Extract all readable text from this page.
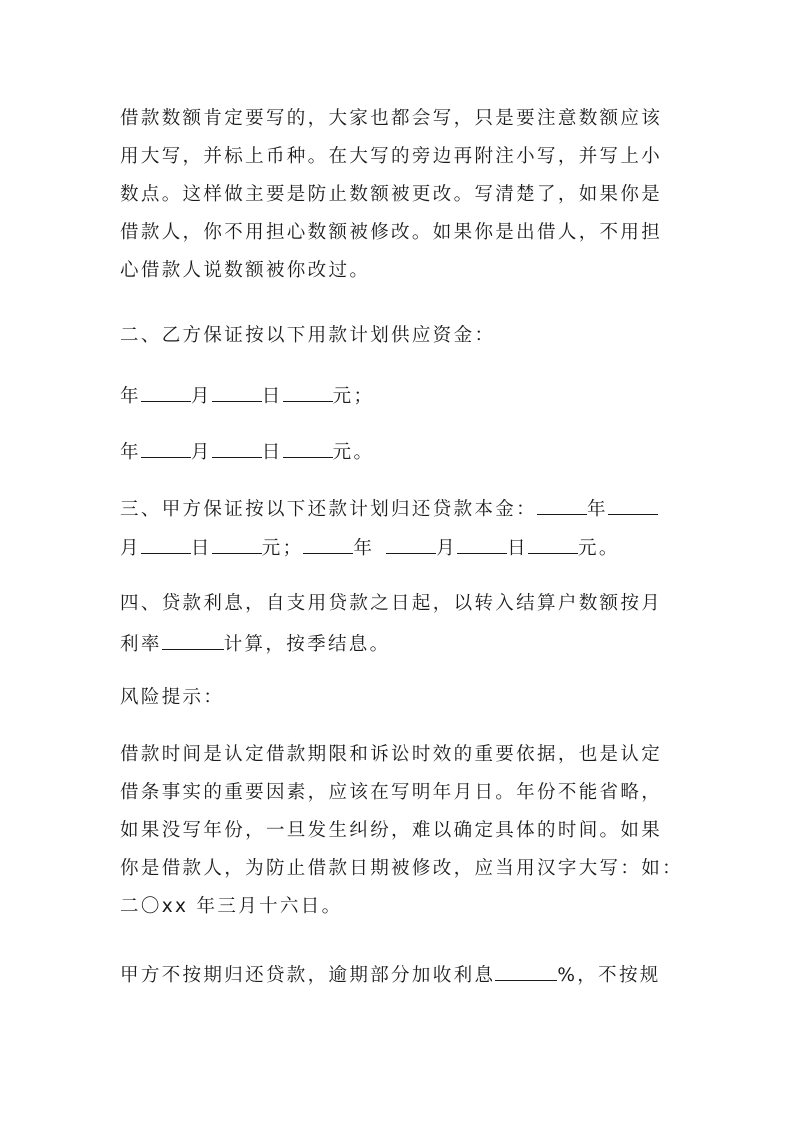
借款数额肯定要写的，大家也都会写，只是要注意数额应该
用大写，并标上币种。在大写的旁边再附注小写，并写上小
数点。这样做主要是防止数额被更改。写清楚了，如果你是
借款人，你不用担心数额被修改。如果你是出借人，不用担
心借款人说数额被你改过。
二、乙方保证按以下用款计划供应资金：
年	月	日	元；
年	月	日	元。
三、甲方保证按以下还款计划归还贷款本金：	年
月	日	元；	年	月	日	元。
四、贷款利息，自支用贷款之日起，以转入结算户数额按月
利率	计算，按季结息。
风险提示：
借款时间是认定借款期限和诉讼时效的重要依据，也是认定
借条事实的重要因素，应该在写明年月日。年份不能省略，
如果没写年份，一旦发生纠纷，难以确定具体的时间。如果
你是借款人，为防止借款日期被修改，应当用汉字大写：如：
二〇xx 年三月十六日。
甲方不按期归还贷款，逾期部分加收利息	%，不按规
